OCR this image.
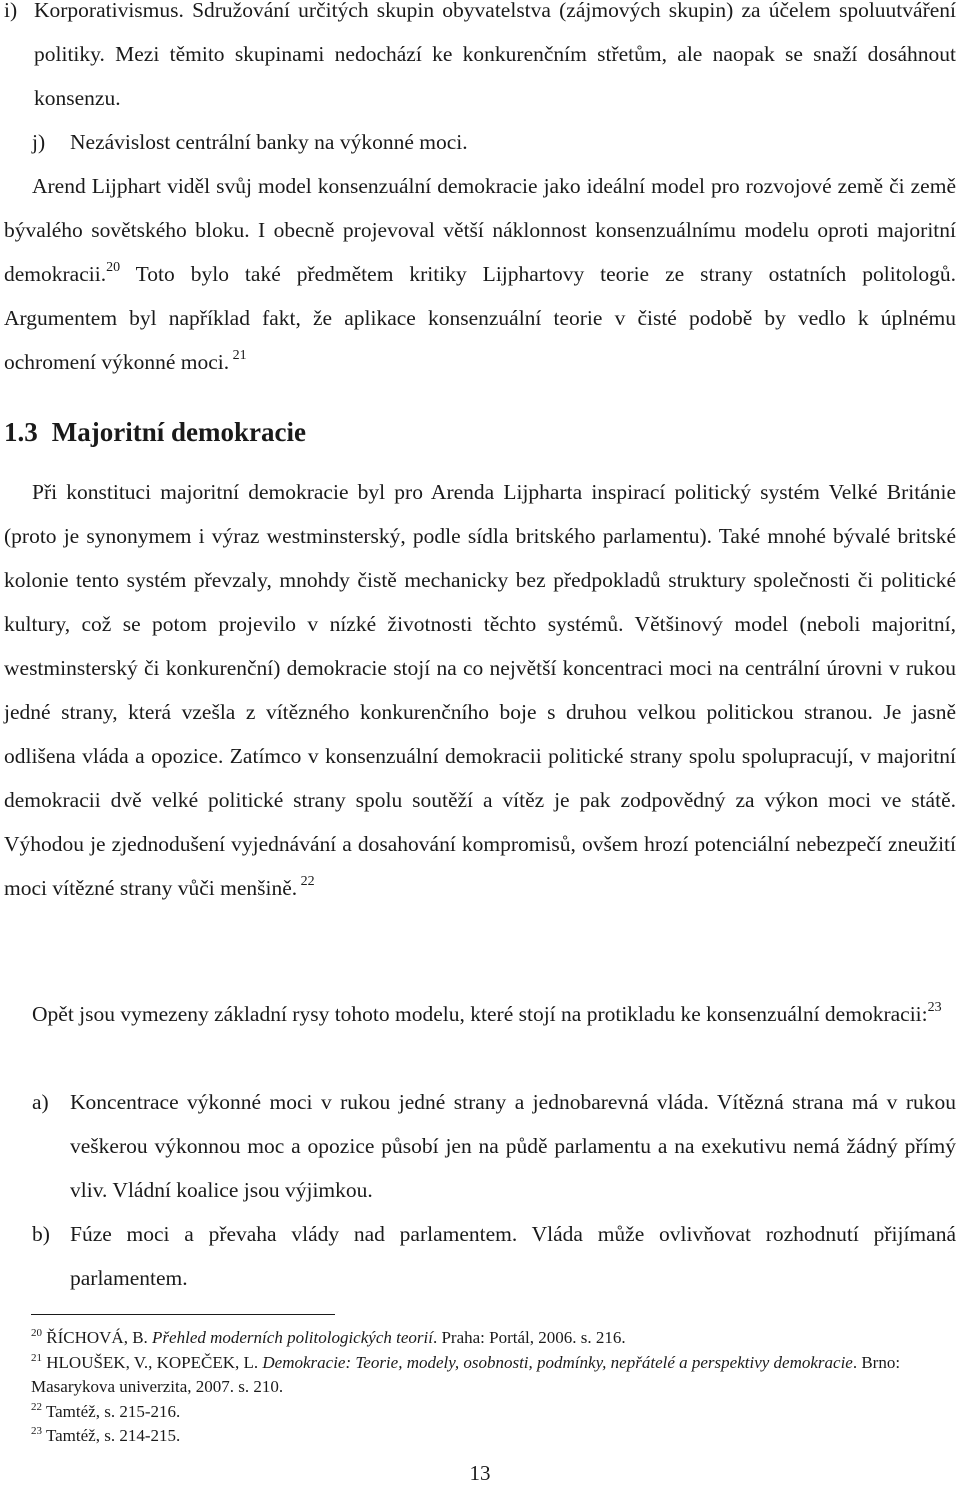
i) Korporativismus. Sdružování určitých skupin obyvatelstva (zájmových skupin) za účelem spoluutváření politiky. Mezi těmito skupinami nedochází ke konkurenčním střetům, ale naopak se snaží dosáhnout konsenzu.

j) Nezávislost centrální banky na výkonné moci.

Arend Lijphart viděl svůj model konsenzuální demokracie jako ideální model pro rozvojové země či země bývalého sovětského bloku. I obecně projevoval větší náklonnost konsenzuálnímu modelu oproti majoritní demokracii.$^{20}$ Toto bylo také předmětem kritiky Lijphartovy teorie ze strany ostatních politologů. Argumentem byl například fakt, že aplikace konsenzuální teorie v čisté podobě by vedlo k úplnému ochromení výkonné moci. $^{21}$

1.3 Majoritní demokracie

Při konstituci majoritní demokracie byl pro Arenda Lijpharta inspirací politický systém Velké Británie (proto je synonymem i výraz westminsterský, podle sídla britského parlamentu). Také mnohé bývalé britské kolonie tento systém převzaly, mnohdy čistě mechanicky bez předpokladů struktury společnosti či politické kultury, což se potom projevilo v nízké životnosti těchto systémů. Většinový model (neboli majoritní, westminsterský či konkurenční) demokracie stojí na co největší koncentraci moci na centrální úrovni v rukou jedné strany, která vzešla z vítězného konkurenčního boje s druhou velkou politickou stranou. Je jasně odlišena vláda a opozice. Zatímco v konsenzuální demokracii politické strany spolu spolupracují, v majoritní demokracii dvě velké politické strany spolu soutěží a vítěz je pak zodpovědný za výkon moci ve státě. Výhodou je zjednodušení vyjednávání a dosahování kompromisů, ovšem hrozí potenciální nebezpečí zneužití moci vítězné strany vůči menšině. $^{22}$

Opět jsou vymezeny základní rysy tohoto modelu, které stojí na protikladu ke konsenzuální demokracii:$^{23}$

a) Koncentrace výkonné moci v rukou jedné strany a jednobarevná vláda. Vítězná strana má v rukou veškerou výkonnou moc a opozice působí jen na půdě parlamentu a na exekutivu nemá žádný přímý vliv. Vládní koalice jsou výjimkou.

b) Fúze moci a převaha vlády nad parlamentem. Vláda může ovlivňovat rozhodnutí přijímaná parlamentem.

$^{20}$ ŘÍCHOVÁ, B. Přehled moderních politologických teorií. Praha: Portál, 2006. s. 216.

$^{21}$ HLOUŠEK, V., KOPEČEK, L. Demokracie: Teorie, modely, osobnosti, podmínky, nepřátelé a perspektivy demokracie. Brno: Masarykova univerzita, 2007. s. 210.

$^{22}$ Tamtéž, s. 215-216.

$^{23}$ Tamtéž, s. 214-215.

13
